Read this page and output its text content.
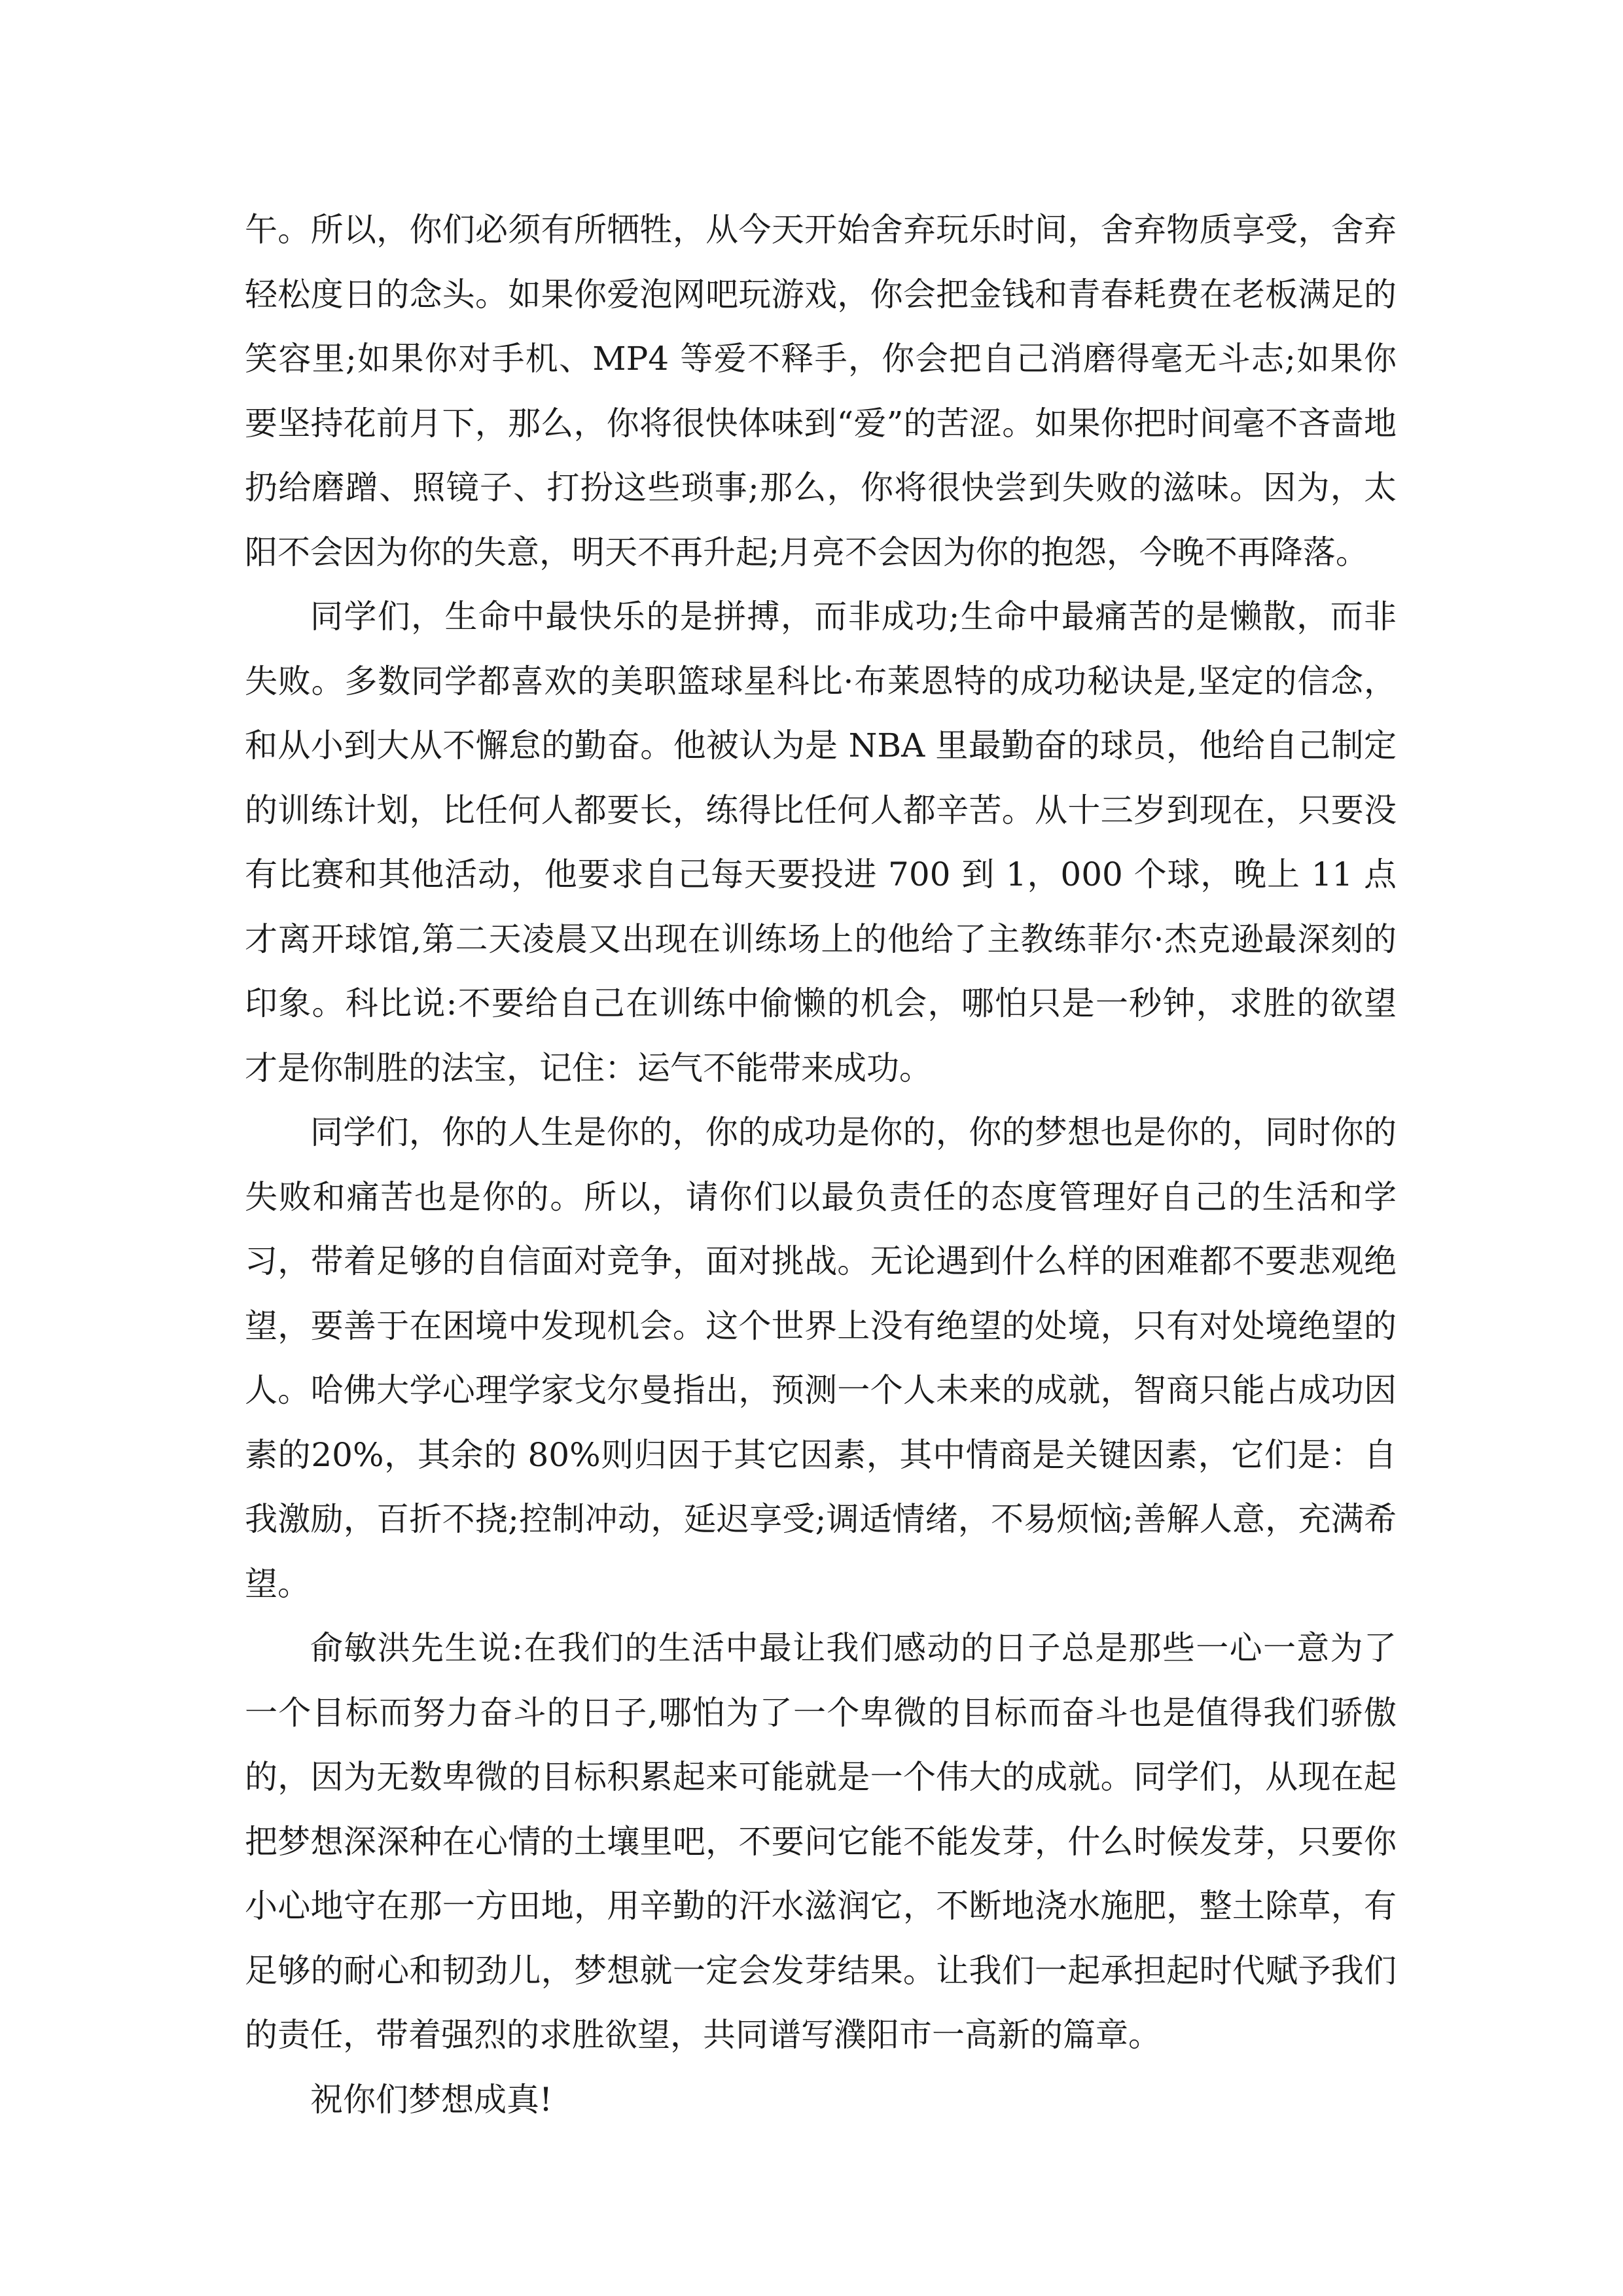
午。所以，你们必须有所牺牲，从今天开始舍弃玩乐时间，舍弃物质享受，舍弃轻松度日的念头。如果你爱泡网吧玩游戏，你会把金钱和青春耗费在老板满足的笑容里;如果你对手机、MP4 等爱不释手，你会把自己消磨得毫无斗志;如果你要坚持花前月下，那么，你将很快体味到“爱”的苦涩。如果你把时间毫不吝啬地扔给磨蹭、照镜子、打扮这些琐事;那么，你将很快尝到失败的滋味。因为，太阳不会因为你的失意，明天不再升起;月亮不会因为你的抱怨，今晚不再降落。

同学们，生命中最快乐的是拼搏，而非成功;生命中最痛苦的是懒散，而非失败。多数同学都喜欢的美职篮球星科比·布莱恩特的成功秘诀是,坚定的信念，和从小到大从不懈怠的勤奋。他被认为是 NBA 里最勤奋的球员，他给自己制定的训练计划，比任何人都要长，练得比任何人都辛苦。从十三岁到现在，只要没有比赛和其他活动，他要求自己每天要投进 700 到 1，000 个球，晚上 11 点才离开球馆,第二天凌晨又出现在训练场上的他给了主教练菲尔·杰克逊最深刻的印象。科比说:不要给自己在训练中偷懒的机会，哪怕只是一秒钟，求胜的欲望才是你制胜的法宝，记住：运气不能带来成功。

同学们，你的人生是你的，你的成功是你的，你的梦想也是你的，同时你的失败和痛苦也是你的。所以，请你们以最负责任的态度管理好自己的生活和学习，带着足够的自信面对竞争，面对挑战。无论遇到什么样的困难都不要悲观绝望，要善于在困境中发现机会。这个世界上没有绝望的处境，只有对处境绝望的人。哈佛大学心理学家戈尔曼指出，预测一个人未来的成就，智商只能占成功因素的20%，其余的 80%则归因于其它因素，其中情商是关键因素，它们是：自我激励，百折不挠;控制冲动，延迟享受;调适情绪，不易烦恼;善解人意，充满希望。

俞敏洪先生说:在我们的生活中最让我们感动的日子总是那些一心一意为了一个目标而努力奋斗的日子,哪怕为了一个卑微的目标而奋斗也是值得我们骄傲的，因为无数卑微的目标积累起来可能就是一个伟大的成就。同学们，从现在起把梦想深深种在心情的土壤里吧，不要问它能不能发芽，什么时候发芽，只要你小心地守在那一方田地，用辛勤的汗水滋润它，不断地浇水施肥，整土除草，有足够的耐心和韧劲儿，梦想就一定会发芽结果。让我们一起承担起时代赋予我们的责任，带着强烈的求胜欲望，共同谱写濮阳市一高新的篇章。

祝你们梦想成真!
